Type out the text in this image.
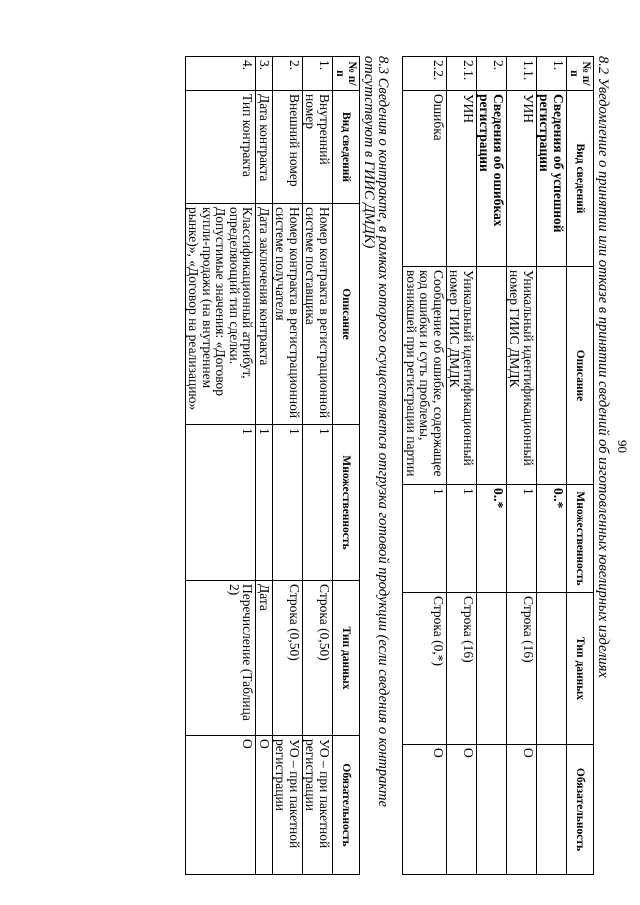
90
8.2 Уведомление о принятии или отказе в принятии сведений об изготовленных ювелирных изделиях
№ п/п	Вид сведений	Описание	Множественность	Тип данных	Обязательность
1.	Сведения об успешной регистрации		0..*		
1.1.	УИН	Уникальный идентификационный номер ГИИС ДМДК	1	Строка (16)	О
2.	Сведения об ошибках регистрации		0..*		
2.1.	УИН	Уникальный идентификационный номер ГИИС ДМДК	1	Строка (16)	О
2.2.	Ошибка	Сообщение об ошибке, содержащее код ошибки и суть проблемы, возникшей при регистрации партии	1	Строка (0,*)	О
8.3 Сведения о контракте, в рамках которого осуществляется отгрузка готовой продукции (если сведения о контракте отсутствуют в ГИИС ДМДК)
№ п/п	Вид сведений	Описание	Множественность	Тип данных	Обязательность
1.	Внутренний номер	Номер контракта в регистрационной системе поставщика	1	Строка (0,50)	УО – при пакетной регистрации
2.	Внешний номер	Номер контракта в регистрационной системе получателя	1	Строка (0,50)	УО – при пакетной регистрации
3.	Дата контракта	Дата заключения контракта	1	Дата	О
4.	Тип контракта	Классификационный атрибут, определяющий тип сделки. Допустимые значения: «Договор купли-продажи (на внутреннем рынке)», «Договор на реализацию»	1	Перечисление (Таблица 2)	О
